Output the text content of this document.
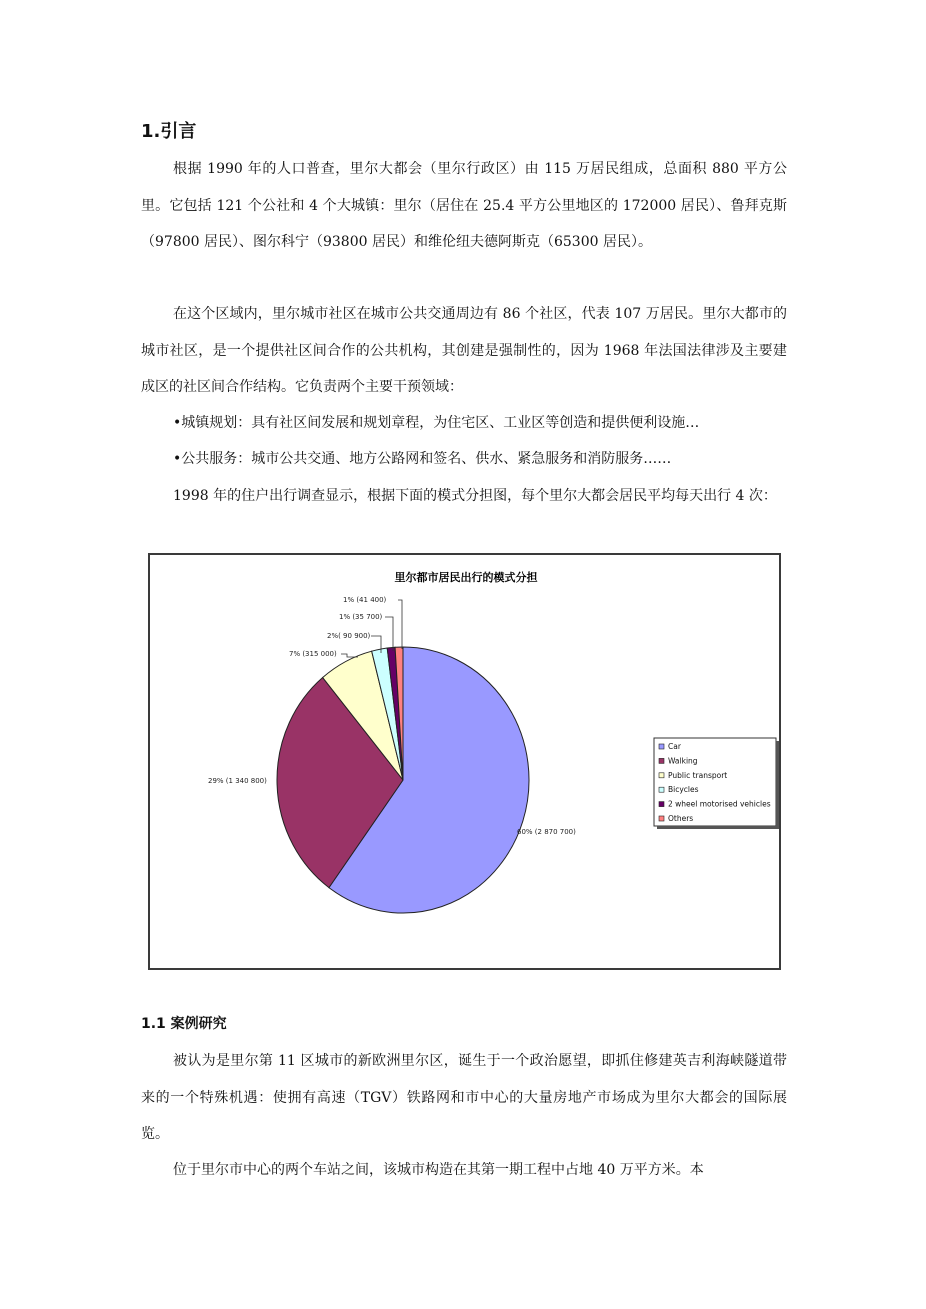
1.引言

根据 1990 年的人口普查，里尔大都会（里尔行政区）由 115 万居民组成，总面积 880 平方公里。它包括 121 个公社和 4 个大城镇：里尔（居住在 25.4 平方公里地区的 172000 居民）、鲁拜克斯（97800 居民）、图尔科宁（93800 居民）和维伦纽夫德阿斯克（65300 居民）。

在这个区域内，里尔城市社区在城市公共交通周边有 86 个社区，代表 107 万居民。里尔大都市的城市社区，是一个提供社区间合作的公共机构，其创建是强制性的，因为 1968 年法国法律涉及主要建成区的社区间合作结构。它负责两个主要干预领域：

•城镇规划：具有社区间发展和规划章程，为住宅区、工业区等创造和提供便利设施…

•公共服务：城市公共交通、地方公路网和签名、供水、紧急服务和消防服务……

1998 年的住户出行调查显示，根据下面的模式分担图，每个里尔大都会居民平均每天出行 4 次：

里尔都市居民出行的模式分担
60% (2 870 700)
29% (1 340 800)
7% (315 000)
2%( 90 900)
1% (35 700)
1% (41 400)
Car
Walking
Public transport
Bicycles
2 wheel motorised vehicles
Others
1.1 案例研究

被认为是里尔第 11 区城市的新欧洲里尔区，诞生于一个政治愿望，即抓住修建英吉利海峡隧道带来的一个特殊机遇：使拥有高速（TGV）铁路网和市中心的大量房地产市场成为里尔大都会的国际展览。

位于里尔市中心的两个车站之间，该城市构造在其第一期工程中占地 40 万平方米。本
